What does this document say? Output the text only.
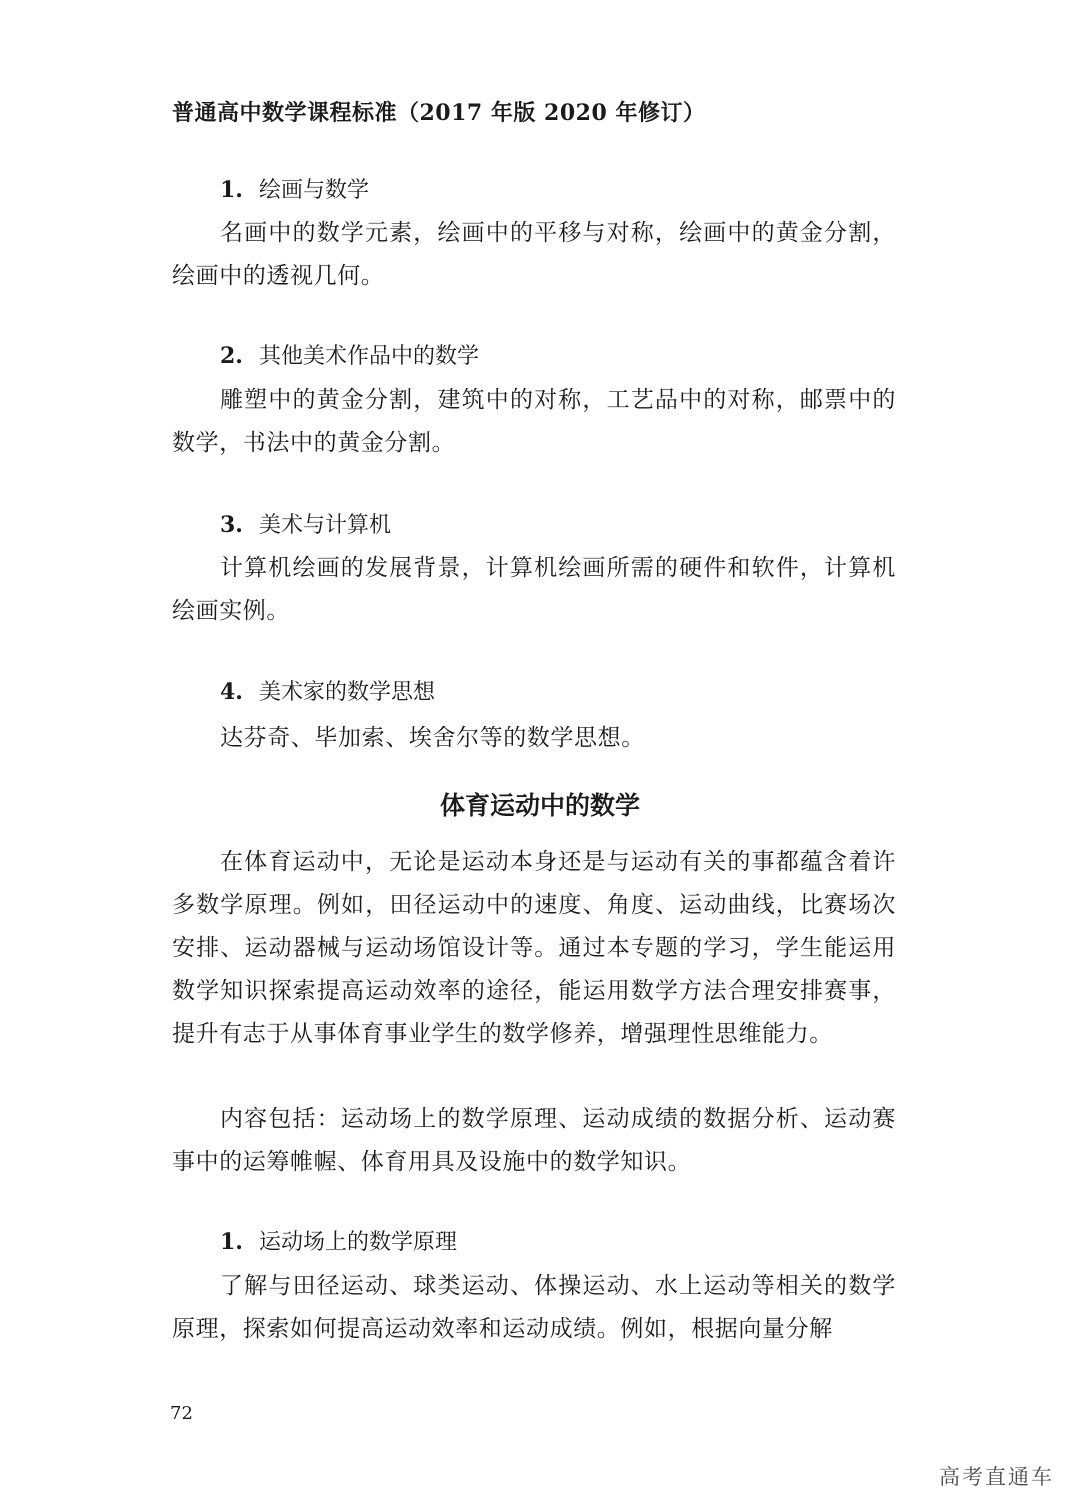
普通高中数学课程标准（2017 年版 2020 年修订）
1. 绘画与数学
名画中的数学元素，绘画中的平移与对称，绘画中的黄金分割，绘画中的透视几何。
2. 其他美术作品中的数学
雕塑中的黄金分割，建筑中的对称，工艺品中的对称，邮票中的数学，书法中的黄金分割。
3. 美术与计算机
计算机绘画的发展背景，计算机绘画所需的硬件和软件，计算机绘画实例。
4. 美术家的数学思想
达芬奇、毕加索、埃舍尔等的数学思想。
体育运动中的数学
在体育运动中，无论是运动本身还是与运动有关的事都蕴含着许多数学原理。例如，田径运动中的速度、角度、运动曲线，比赛场次安排、运动器械与运动场馆设计等。通过本专题的学习，学生能运用数学知识探索提高运动效率的途径，能运用数学方法合理安排赛事，提升有志于从事体育事业学生的数学修养，增强理性思维能力。
内容包括：运动场上的数学原理、运动成绩的数据分析、运动赛事中的运筹帷幄、体育用具及设施中的数学知识。
1. 运动场上的数学原理
了解与田径运动、球类运动、体操运动、水上运动等相关的数学原理，探索如何提高运动效率和运动成绩。例如，根据向量分解
72
高考直通车
